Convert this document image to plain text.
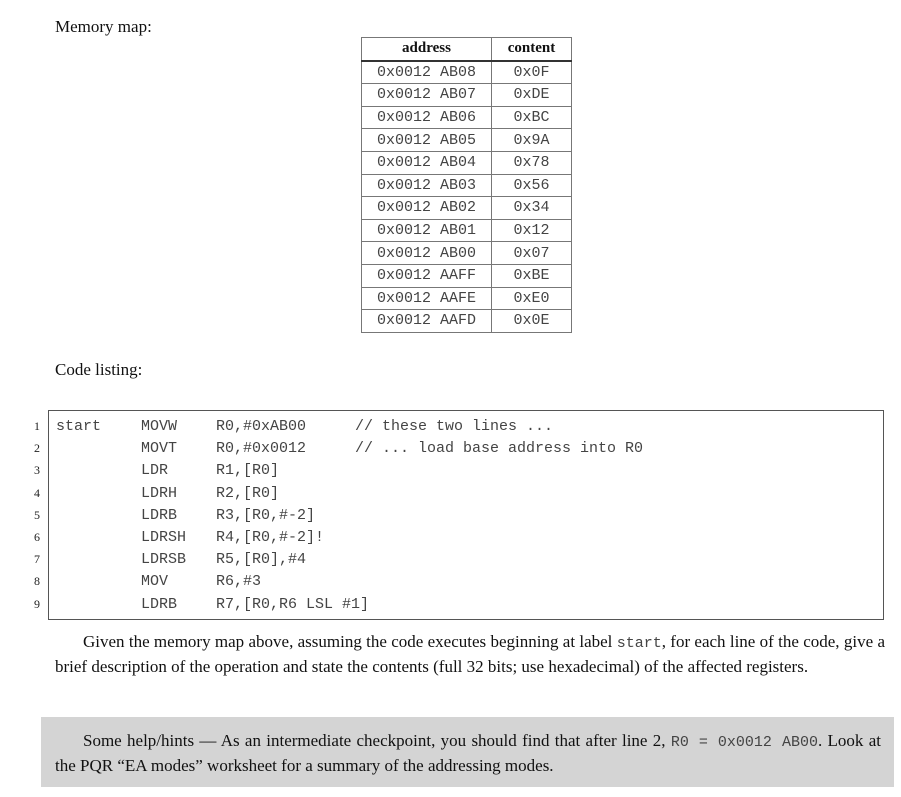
Memory map:
address	content
0x0012 AB08	0x0F
0x0012 AB07	0xDE
0x0012 AB06	0xBC
0x0012 AB05	0x9A
0x0012 AB04	0x78
0x0012 AB03	0x56
0x0012 AB02	0x34
0x0012 AB01	0x12
0x0012 AB00	0x07
0x0012 AAFF	0xBE
0x0012 AAFE	0xE0
0x0012 AAFD	0x0E
Code listing:
1
2
3
4
5
6
7
8
9
start	MOVW	R0,#0xAB00	// these two lines ...
MOVT	R0,#0x0012	// ... load base address into R0
LDR	R1,[R0]
LDRH	R2,[R0]
LDRB	R3,[R0,#-2]
LDRSH R4,[R0,#-2]!
LDRSB R5,[R0],#4
MOV	R6,#3
LDRB	R7,[R0,R6 LSL #1]
Given the memory map above, assuming the code executes beginning at label start, for each line of the code, give a brief description of the operation and state the contents (full 32 bits; use hexadecimal) of the affected registers.
Some help/hints — As an intermediate checkpoint, you should find that after line 2, R0 = 0x0012 AB00. Look at the PQR “EA modes” worksheet for a summary of the addressing modes.
